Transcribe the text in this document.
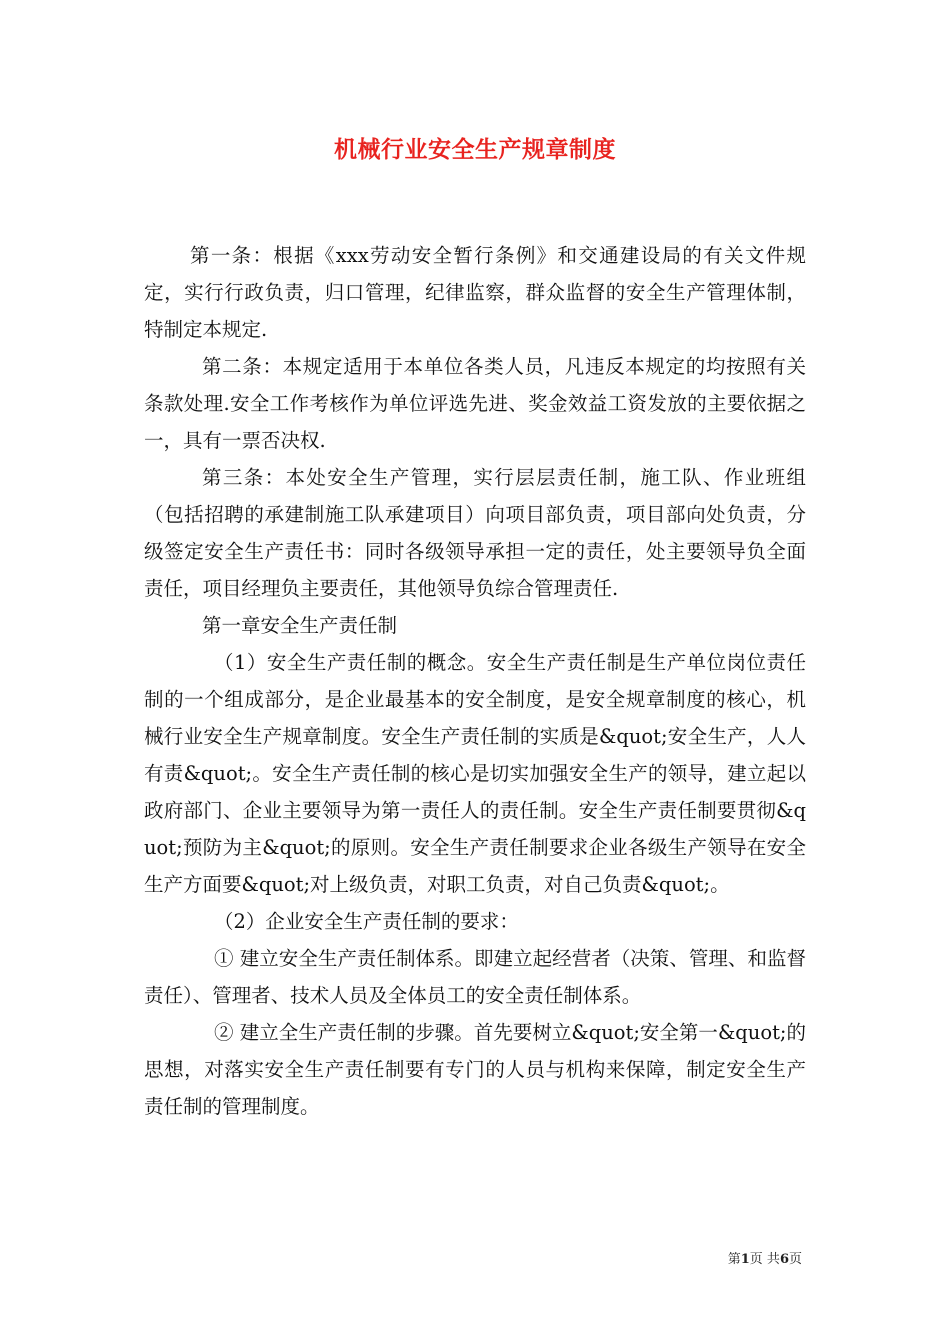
机械行业安全生产规章制度

第一条：根据《xxx劳动安全暂行条例》和交通建设局的有关文件规定，实行行政负责，归口管理，纪律监察，群众监督的安全生产管理体制，特制定本规定.

第二条：本规定适用于本单位各类人员，凡违反本规定的均按照有关条款处理.安全工作考核作为单位评选先进、奖金效益工资发放的主要依据之一，具有一票否决权.

第三条：本处安全生产管理，实行层层责任制，施工队、作业班组（包括招聘的承建制施工队承建项目）向项目部负责，项目部向处负责，分级签定安全生产责任书：同时各级领导承担一定的责任，处主要领导负全面责任，项目经理负主要责任，其他领导负综合管理责任.

第一章安全生产责任制

（1）安全生产责任制的概念。安全生产责任制是生产单位岗位责任制的一个组成部分，是企业最基本的安全制度，是安全规章制度的核心，机械行业安全生产规章制度。安全生产责任制的实质是&quot;安全生产，人人有责&quot;。安全生产责任制的核心是切实加强安全生产的领导，建立起以政府部门、企业主要领导为第一责任人的责任制。安全生产责任制要贯彻&quot;预防为主&quot;的原则。安全生产责任制要求企业各级生产领导在安全生产方面要&quot;对上级负责，对职工负责，对自己负责&quot;。

（2）企业安全生产责任制的要求：

① 建立安全生产责任制体系。即建立起经营者（决策、管理、和监督责任）、管理者、技术人员及全体员工的安全责任制体系。

② 建立全生产责任制的步骤。首先要树立&quot;安全第一&quot;的思想，对落实安全生产责任制要有专门的人员与机构来保障，制定安全生产责任制的管理制度。

第1页 共6页
